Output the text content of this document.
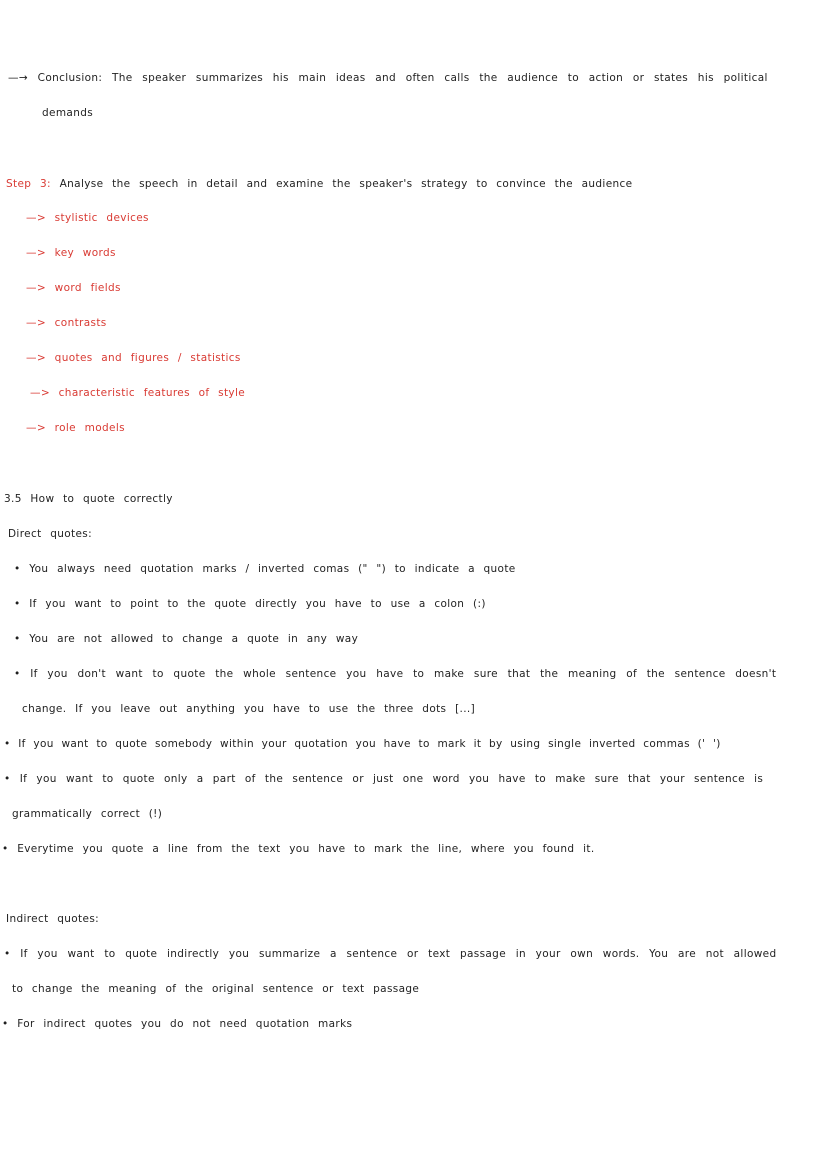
—→ Conclusion: The speaker summarizes his main ideas and often calls the audience to action or states his political
demands
Step 3: Analyse the speech in detail and examine the speaker's strategy to convince the audience
—> stylistic devices
—> key words
—> word fields
—> contrasts
—> quotes and figures / statistics
—> characteristic features of style
—> role models
3.5 How to quote correctly
Direct quotes:
• You always need quotation marks / inverted comas (" ") to indicate a quote
• If you want to point to the quote directly you have to use a colon (:)
• You are not allowed to change a quote in any way
• If you don't want to quote the whole sentence you have to make sure that the meaning of the sentence doesn't
change. If you leave out anything you have to use the three dots [...]
• If you want to quote somebody within your quotation you have to mark it by using single inverted commas (' ')
• If you want to quote only a part of the sentence or just one word you have to make sure that your sentence is
grammatically correct (!)
• Everytime you quote a line from the text you have to mark the line, where you found it.
Indirect quotes:
• If you want to quote indirectly you summarize a sentence or text passage in your own words. You are not allowed
to change the meaning of the original sentence or text passage
• For indirect quotes you do not need quotation marks
